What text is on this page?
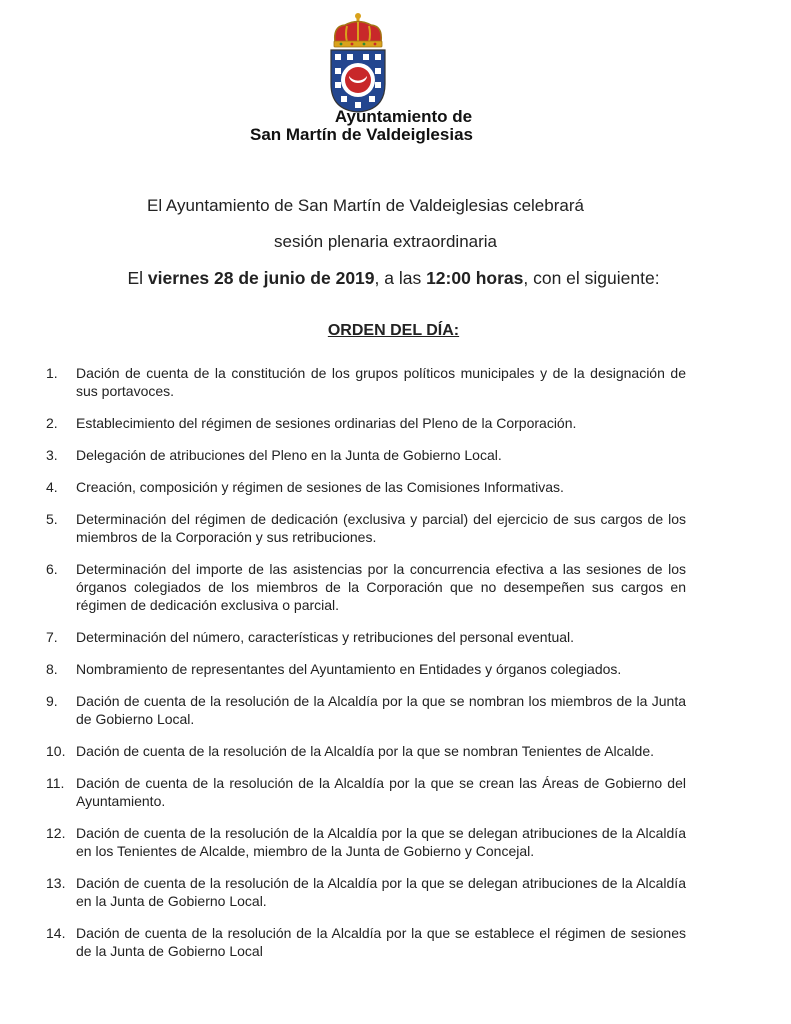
Ayuntamiento de
San Martín de Valdeiglesias
El Ayuntamiento de San Martín de Valdeiglesias celebrará
sesión plenaria extraordinaria
El viernes 28 de junio de 2019, a las 12:00 horas, con el siguiente:
ORDEN DEL DÍA:
1. Dación de cuenta de la constitución de los grupos políticos municipales y de la designación de sus portavoces.
2. Establecimiento del régimen de sesiones ordinarias del Pleno de la Corporación.
3. Delegación de atribuciones del Pleno en la Junta de Gobierno Local.
4. Creación, composición y régimen de sesiones de las Comisiones Informativas.
5. Determinación del régimen de dedicación (exclusiva y parcial) del ejercicio de sus cargos de los miembros de la Corporación y sus retribuciones.
6. Determinación del importe de las asistencias por la concurrencia efectiva a las sesiones de los órganos colegiados de los miembros de la Corporación que no desempeñen sus cargos en régimen de dedicación exclusiva o parcial.
7. Determinación del número, características y retribuciones del personal eventual.
8. Nombramiento de representantes del Ayuntamiento en Entidades y órganos colegiados.
9. Dación de cuenta de la resolución de la Alcaldía por la que se nombran los miembros de la Junta de Gobierno Local.
10. Dación de cuenta de la resolución de la Alcaldía por la que se nombran Tenientes de Alcalde.
11. Dación de cuenta de la resolución de la Alcaldía por la que se crean las Áreas de Gobierno del Ayuntamiento.
12. Dación de cuenta de la resolución de la Alcaldía por la que se delegan atribuciones de la Alcaldía en los Tenientes de Alcalde, miembro de la Junta de Gobierno y Concejal.
13. Dación de cuenta de la resolución de la Alcaldía por la que se delegan atribuciones de la Alcaldía en la Junta de Gobierno Local.
14. Dación de cuenta de la resolución de la Alcaldía por la que se establece el régimen de sesiones de la Junta de Gobierno Local
